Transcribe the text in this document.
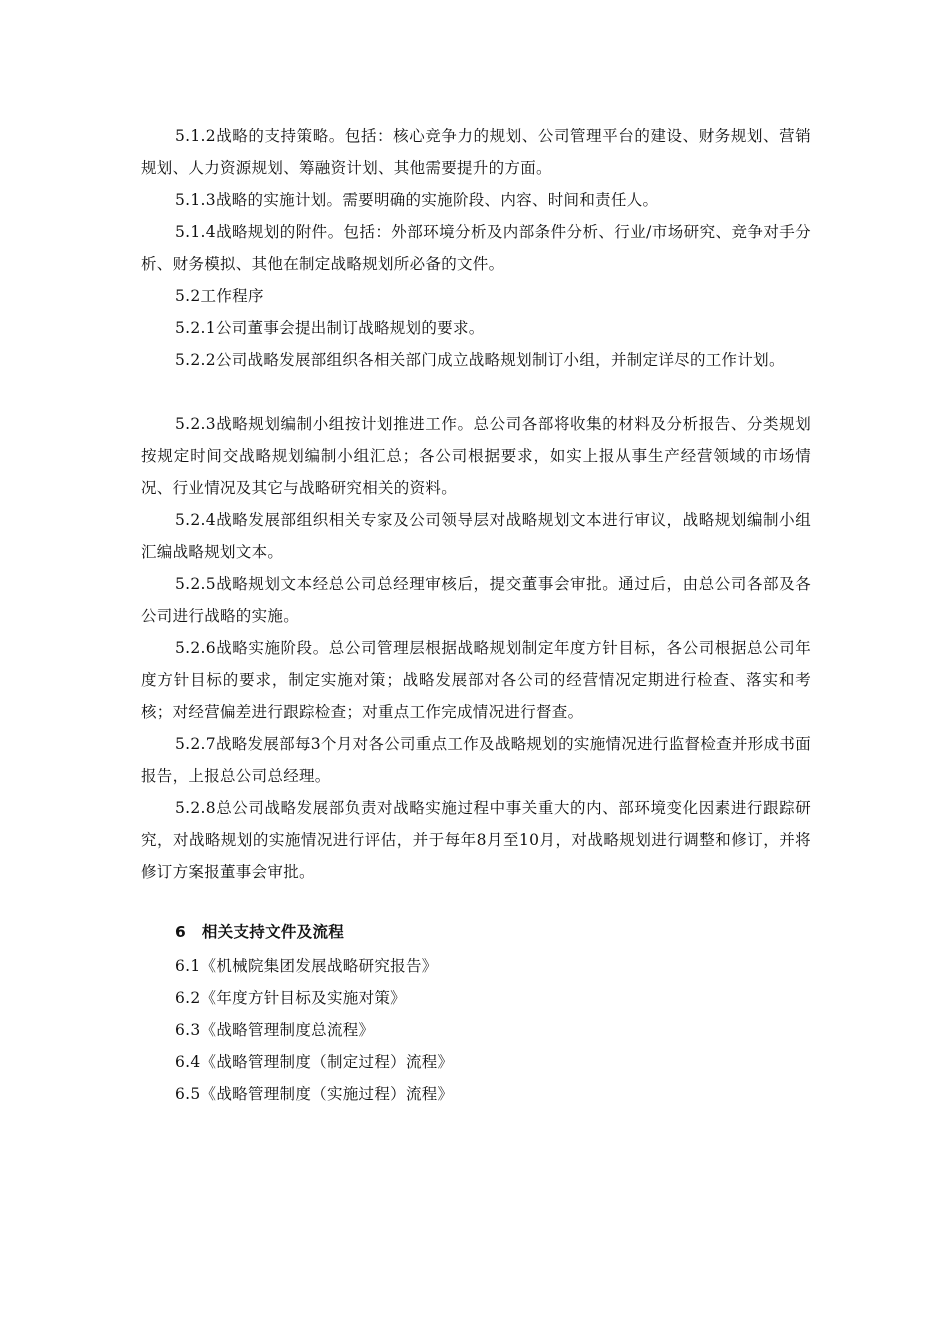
5.1.2战略的支持策略。包括：核心竞争力的规划、公司管理平台的建设、财务规划、营销规划、人力资源规划、筹融资计划、其他需要提升的方面。

5.1.3战略的实施计划。需要明确的实施阶段、内容、时间和责任人。

5.1.4战略规划的附件。包括：外部环境分析及内部条件分析、行业/市场研究、竞争对手分析、财务模拟、其他在制定战略规划所必备的文件。

5.2工作程序

5.2.1公司董事会提出制订战略规划的要求。

5.2.2公司战略发展部组织各相关部门成立战略规划制订小组，并制定详尽的工作计划。

5.2.3战略规划编制小组按计划推进工作。总公司各部将收集的材料及分析报告、分类规划按规定时间交战略规划编制小组汇总；各公司根据要求，如实上报从事生产经营领域的市场情况、行业情况及其它与战略研究相关的资料。

5.2.4战略发展部组织相关专家及公司领导层对战略规划文本进行审议，战略规划编制小组汇编战略规划文本。

5.2.5战略规划文本经总公司总经理审核后，提交董事会审批。通过后，由总公司各部及各公司进行战略的实施。

5.2.6战略实施阶段。总公司管理层根据战略规划制定年度方针目标，各公司根据总公司年度方针目标的要求，制定实施对策；战略发展部对各公司的经营情况定期进行检查、落实和考核；对经营偏差进行跟踪检查；对重点工作完成情况进行督查。

5.2.7战略发展部每3个月对各公司重点工作及战略规划的实施情况进行监督检查并形成书面报告，上报总公司总经理。

5.2.8总公司战略发展部负责对战略实施过程中事关重大的内、部环境变化因素进行跟踪研究，对战略规划的实施情况进行评估，并于每年8月至10月，对战略规划进行调整和修订，并将修订方案报董事会审批。

6　相关支持文件及流程

6.1《机械院集团发展战略研究报告》

6.2《年度方针目标及实施对策》

6.3《战略管理制度总流程》

6.4《战略管理制度（制定过程）流程》

6.5《战略管理制度（实施过程）流程》
